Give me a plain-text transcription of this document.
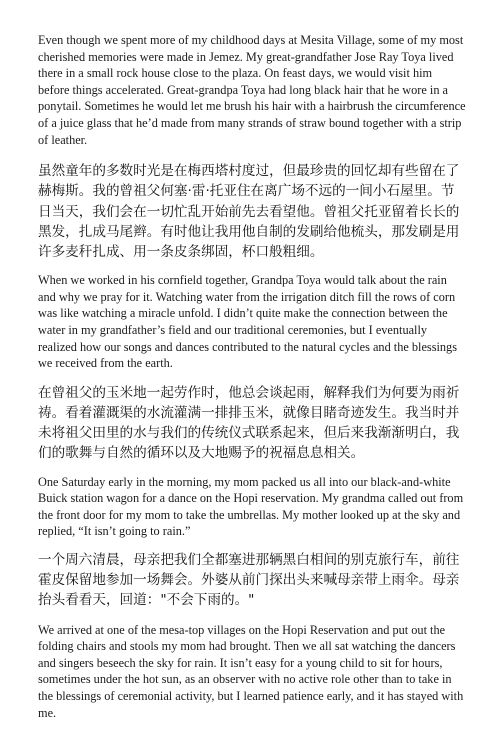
Even though we spent more of my childhood days at Mesita Village, some of my most cherished memories were made in Jemez. My great-grandfather Jose Ray Toya lived there in a small rock house close to the plaza. On feast days, we would visit him before things accelerated. Great-grandpa Toya had long black hair that he wore in a ponytail. Sometimes he would let me brush his hair with a hairbrush the circumference of a juice glass that he’d made from many strands of straw bound together with a strip of leather.

虽然童年的多数时光是在梅西塔村度过，但最珍贵的回忆却有些留在了赫梅斯。我的曾祖父何塞·雷·托亚住在离广场不远的一间小石屋里。节日当天，我们会在一切忙乱开始前先去看望他。曾祖父托亚留着长长的黑发，扎成马尾辫。有时他让我用他自制的发刷给他梳头，那发刷是用许多麦秆扎成、用一条皮条绑固，杯口般粗细。

When we worked in his cornfield together, Grandpa Toya would talk about the rain and why we pray for it. Watching water from the irrigation ditch fill the rows of corn was like watching a miracle unfold. I didn’t quite make the connection between the water in my grandfather’s field and our traditional ceremonies, but I eventually realized how our songs and dances contributed to the natural cycles and the blessings we received from the earth.

在曾祖父的玉米地一起劳作时，他总会谈起雨，解释我们为何要为雨祈祷。看着灌溉渠的水流灌满一排排玉米，就像目睹奇迹发生。我当时并未将祖父田里的水与我们的传统仪式联系起来，但后来我渐渐明白，我们的歌舞与自然的循环以及大地赐予的祝福息息相关。

One Saturday early in the morning, my mom packed us all into our black-and-white Buick station wagon for a dance on the Hopi reservation. My grandma called out from the front door for my mom to take the umbrellas. My mother looked up at the sky and replied, “It isn’t going to rain.”

一个周六清晨，母亲把我们全都塞进那辆黑白相间的别克旅行车，前往霍皮保留地参加一场舞会。外婆从前门探出头来喊母亲带上雨伞。母亲抬头看看天，回道："不会下雨的。"

We arrived at one of the mesa-top villages on the Hopi Reservation and put out the folding chairs and stools my mom had brought. Then we all sat watching the dancers and singers beseech the sky for rain. It isn’t easy for a young child to sit for hours, sometimes under the hot sun, as an observer with no active role other than to take in the blessings of ceremonial activity, but I learned patience early, and it has stayed with me.
